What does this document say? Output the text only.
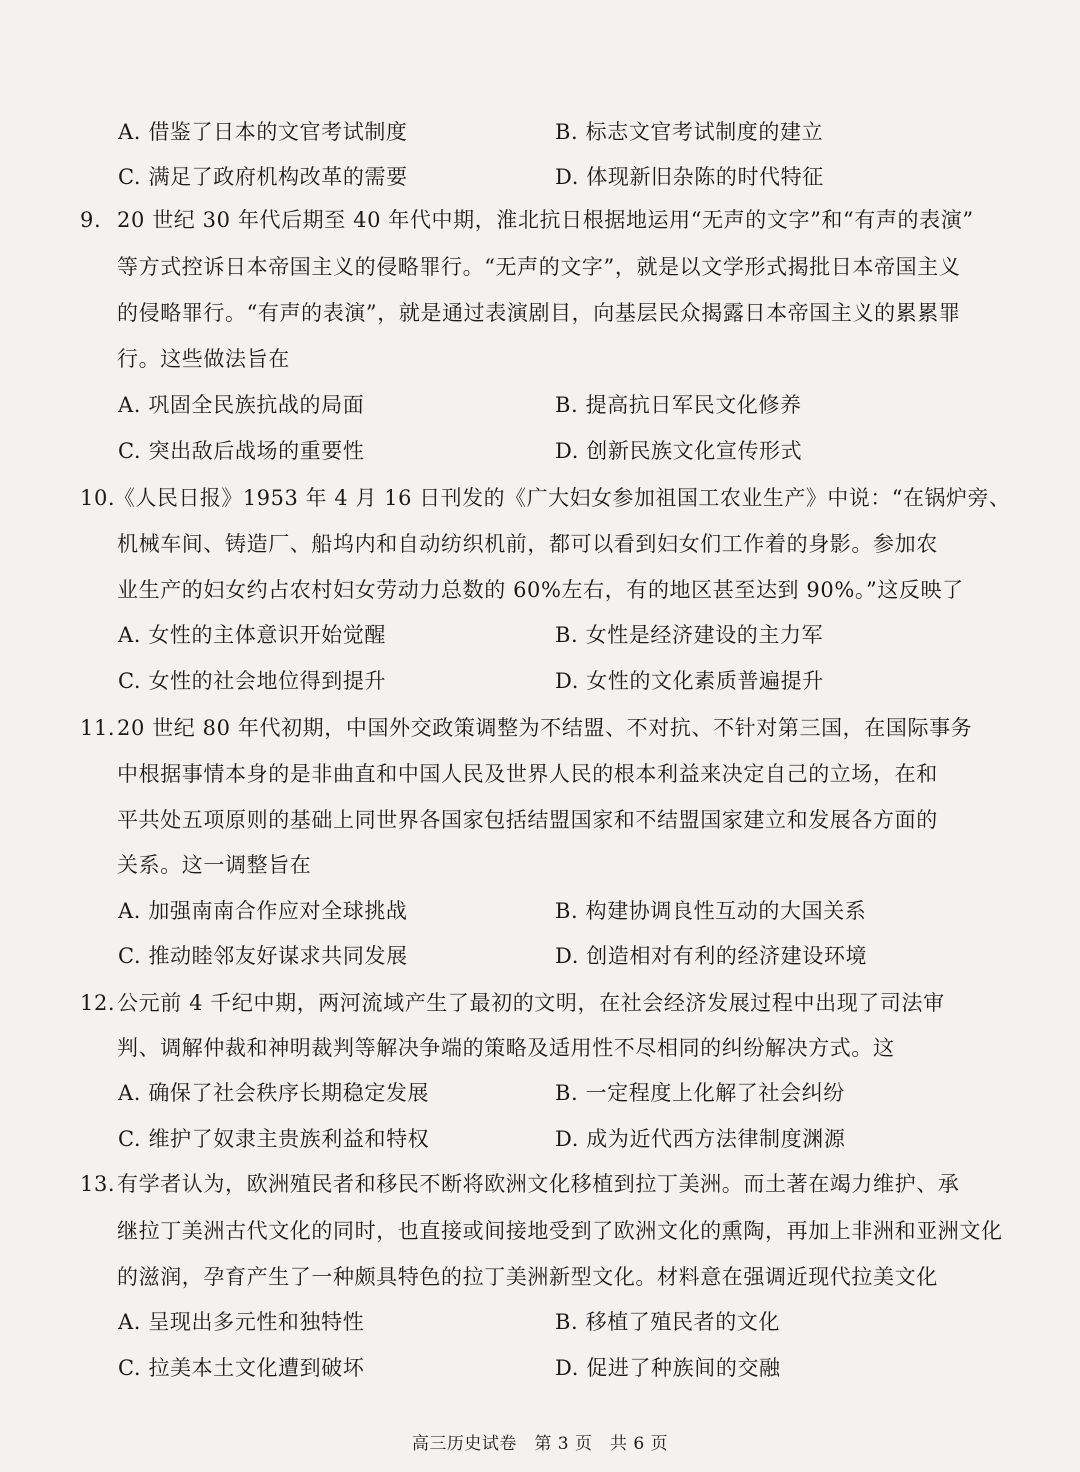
A. 借鉴了日本的文官考试制度	B. 标志文官考试制度的建立
C. 满足了政府机构改革的需要	D. 体现新旧杂陈的时代特征
9. 20 世纪 30 年代后期至 40 年代中期，淮北抗日根据地运用“无声的文字”和“有声的表演”
等方式控诉日本帝国主义的侵略罪行。“无声的文字”，就是以文学形式揭批日本帝国主义
的侵略罪行。“有声的表演”，就是通过表演剧目，向基层民众揭露日本帝国主义的累累罪
行。这些做法旨在
A. 巩固全民族抗战的局面	B. 提高抗日军民文化修养
C. 突出敌后战场的重要性	D. 创新民族文化宣传形式
10.
《人民日报》1953 年 4 月 16 日刊发的《广大妇女参加祖国工农业生产》中说：“在锅炉旁、
机械车间、铸造厂、船坞内和自动纺织机前，都可以看到妇女们工作着的身影。参加农
业生产的妇女约占农村妇女劳动力总数的 60%左右，有的地区甚至达到 90%。”这反映了
A. 女性的主体意识开始觉醒	B. 女性是经济建设的主力军
C. 女性的社会地位得到提升	D. 女性的文化素质普遍提升
11. 20 世纪 80 年代初期，中国外交政策调整为不结盟、不对抗、不针对第三国，在国际事务
中根据事情本身的是非曲直和中国人民及世界人民的根本利益来决定自己的立场，在和
平共处五项原则的基础上同世界各国家包括结盟国家和不结盟国家建立和发展各方面的
关系。这一调整旨在
A. 加强南南合作应对全球挑战	B. 构建协调良性互动的大国关系
C. 推动睦邻友好谋求共同发展	D. 创造相对有利的经济建设环境
12. 公元前 4 千纪中期，两河流域产生了最初的文明，在社会经济发展过程中出现了司法审
判、调解仲裁和神明裁判等解决争端的策略及适用性不尽相同的纠纷解决方式。这
A. 确保了社会秩序长期稳定发展	B. 一定程度上化解了社会纠纷
C. 维护了奴隶主贵族利益和特权	D. 成为近代西方法律制度渊源
13. 有学者认为，欧洲殖民者和移民不断将欧洲文化移植到拉丁美洲。而土著在竭力维护、承
继拉丁美洲古代文化的同时，也直接或间接地受到了欧洲文化的熏陶，再加上非洲和亚洲文化
的滋润，孕育产生了一种颇具特色的拉丁美洲新型文化。材料意在强调近现代拉美文化
A. 呈现出多元性和独特性	B. 移植了殖民者的文化
C. 拉美本土文化遭到破坏	D. 促进了种族间的交融
高三历史试卷　第 3 页　共 6 页
